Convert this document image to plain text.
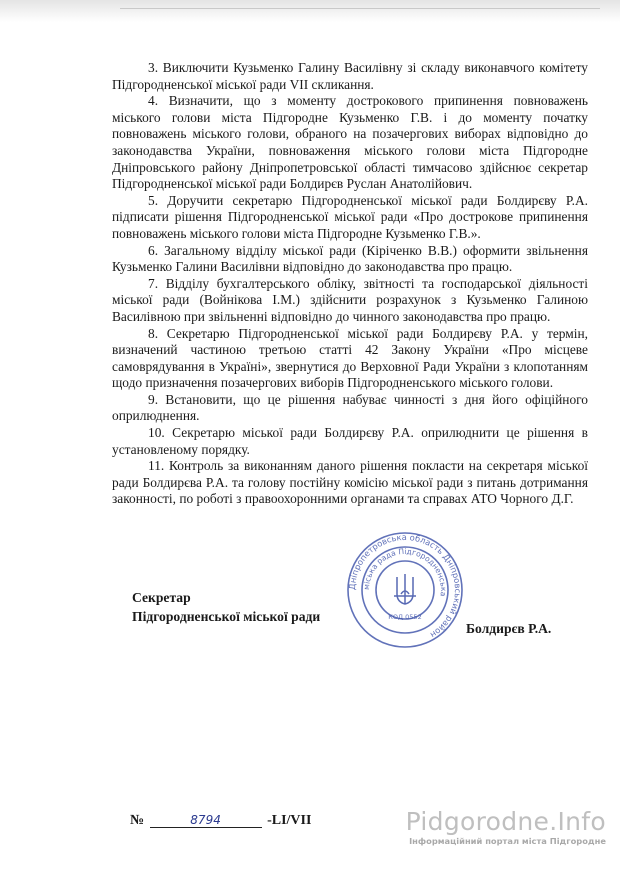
3. Виключити Кузьменко Галину Василівну зі складу виконавчого комітету Підгородненської міської ради VII скликання.

4. Визначити, що з моменту дострокового припинення повноважень міського голови міста Підгородне Кузьменко Г.В. і до моменту початку повноважень міського голови, обраного на позачергових виборах відповідно до законодавства України, повноваження міського голови міста Підгородне Дніпровського району Дніпропетровської області тимчасово здійснює секретар Підгородненської міської ради Болдирєв Руслан Анатолійович.

5. Доручити секретарю Підгородненської міської ради Болдирєву Р.А. підписати рішення Підгородненської міської ради «Про дострокове припинення повноважень міського голови міста Підгородне Кузьменко Г.В.».

6. Загальному відділу міської ради (Кіріченко В.В.) оформити звільнення Кузьменко Галини Василівни відповідно до законодавства про працю.

7. Відділу бухгалтерського обліку, звітності та господарської діяльності міської ради (Войнікова І.М.) здійснити розрахунок з Кузьменко Галиною Василівною при звільненні відповідно до чинного законодавства про працю.

8. Секретарю Підгородненської міської ради Болдирєву Р.А. у термін, визначений частиною третьою статті 42 Закону України «Про місцеве самоврядування в Україні», звернутися до Верховної Ради України з клопотанням щодо призначення позачергових виборів Підгородненського міського голови.

9. Встановити, що це рішення набуває чинності з дня його офіційного оприлюднення.

10. Секретарю міської ради Болдирєву Р.А. оприлюднити це рішення в установленому порядку.

11. Контроль за виконанням даного рішення покласти на секретаря міської ради Болдирєва Р.А. та голову постійну комісію міської ради з питань дотримання законності, по роботі з правоохоронними органами та справах АТО Чорного Д.Г.

Дніпропетровська область Дніпровський район
міська рада Підгородненська
КОД 0552
Секретар
Підгородненської міської ради
Болдирєв Р.А.
№	8794	-LI/VII	Pidgorodne.Info
Інформаційний портал міста Підгородне
